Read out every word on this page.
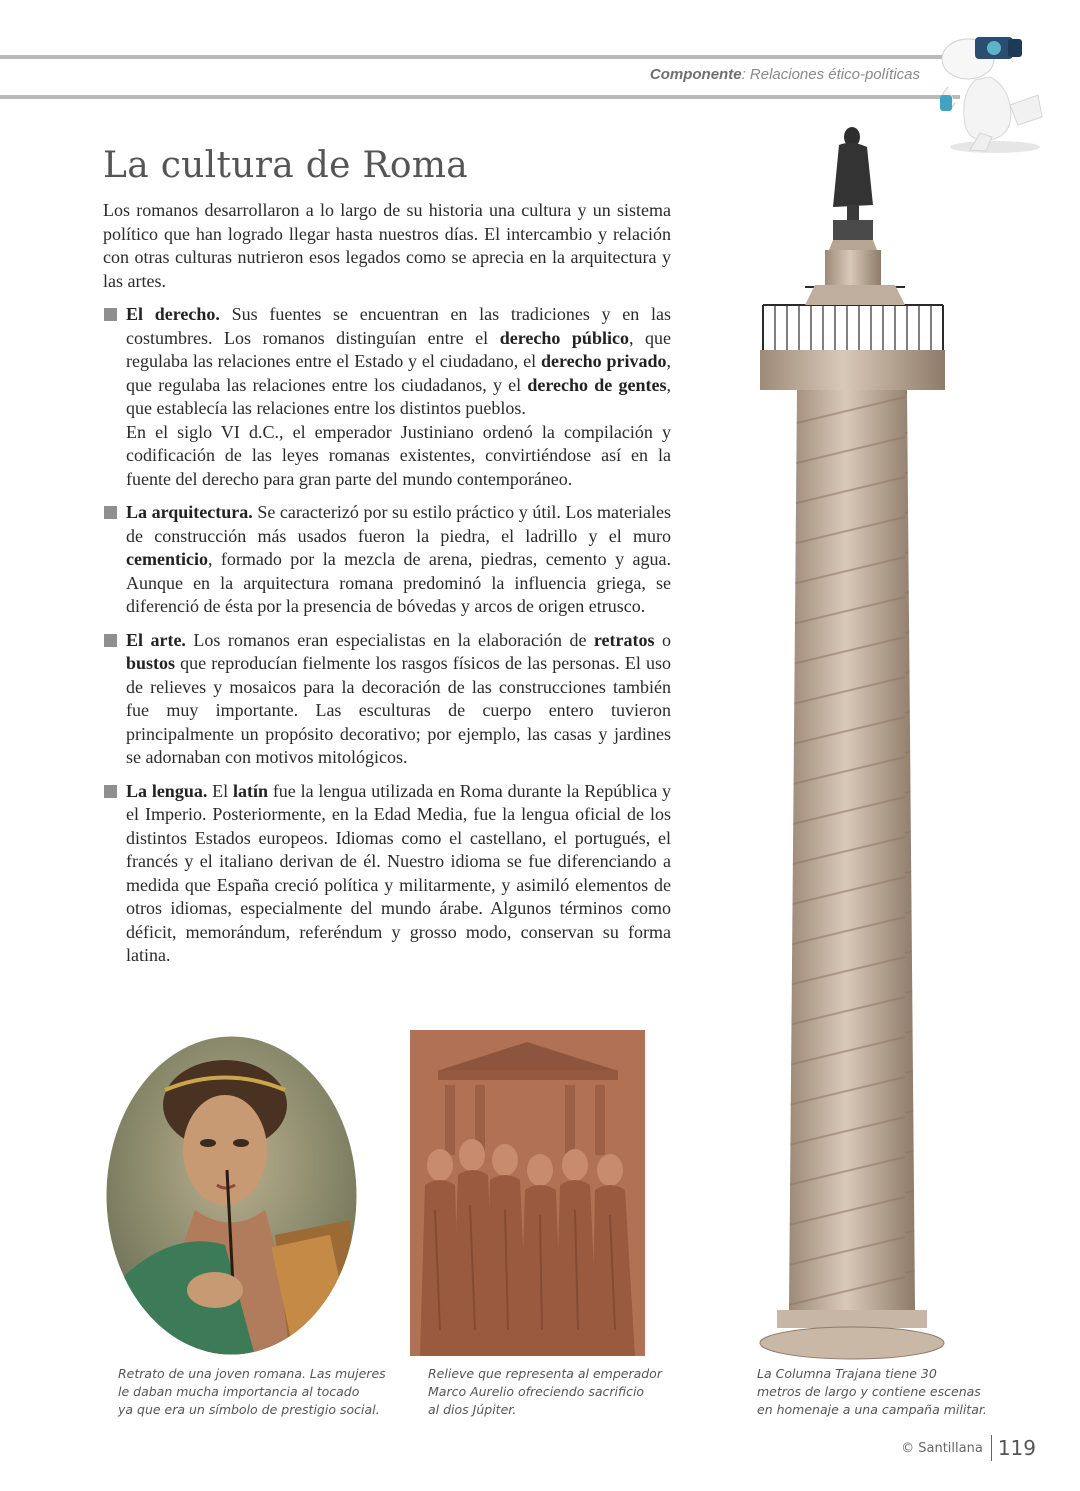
Componente: Relaciones ético-políticas
La cultura de Roma

Los romanos desarrollaron a lo largo de su historia una cultura y un sistema político que han logrado llegar hasta nuestros días. El intercambio y relación con otras culturas nutrieron esos legados como se aprecia en la arquitectura y las artes.

El derecho. Sus fuentes se encuentran en las tradiciones y en las costumbres. Los romanos distinguían entre el derecho público, que regulaba las relaciones entre el Estado y el ciudadano, el derecho privado, que regulaba las relaciones entre los ciudadanos, y el derecho de gentes, que establecía las relaciones entre los distintos pueblos.

En el siglo VI d.C., el emperador Justiniano ordenó la compilación y codificación de las leyes romanas existentes, convirtiéndose así en la fuente del derecho para gran parte del mundo contemporáneo.

La arquitectura. Se caracterizó por su estilo práctico y útil. Los materiales de construcción más usados fueron la piedra, el ladrillo y el muro cementicio, formado por la mezcla de arena, piedras, cemento y agua. Aunque en la arquitectura romana predominó la influencia griega, se diferenció de ésta por la presencia de bóvedas y arcos de origen etrusco.

El arte. Los romanos eran especialistas en la elaboración de retratos o bustos que reproducían fielmente los rasgos físicos de las personas. El uso de relieves y mosaicos para la decoración de las construcciones también fue muy importante. Las esculturas de cuerpo entero tuvieron principalmente un propósito decorativo; por ejemplo, las casas y jardines se adornaban con motivos mitológicos.

La lengua. El latín fue la lengua utilizada en Roma durante la República y el Imperio. Posteriormente, en la Edad Media, fue la lengua oficial de los distintos Estados europeos. Idiomas como el castellano, el portugués, el francés y el italiano derivan de él. Nuestro idioma se fue diferenciando a medida que España creció política y militarmente, y asimiló elementos de otros idiomas, especialmente del mundo árabe. Algunos términos como déficit, memorándum, referéndum y grosso modo, conservan su forma latina.

Retrato de una joven romana. Las mujeres
le daban mucha importancia al tocado
ya que era un símbolo de prestigio social.
Relieve que representa al emperador
Marco Aurelio ofreciendo sacrificio
al dios Júpiter.
La Columna Trajana tiene 30
metros de largo y contiene escenas
en homenaje a una campaña militar.
© Santillana 119
